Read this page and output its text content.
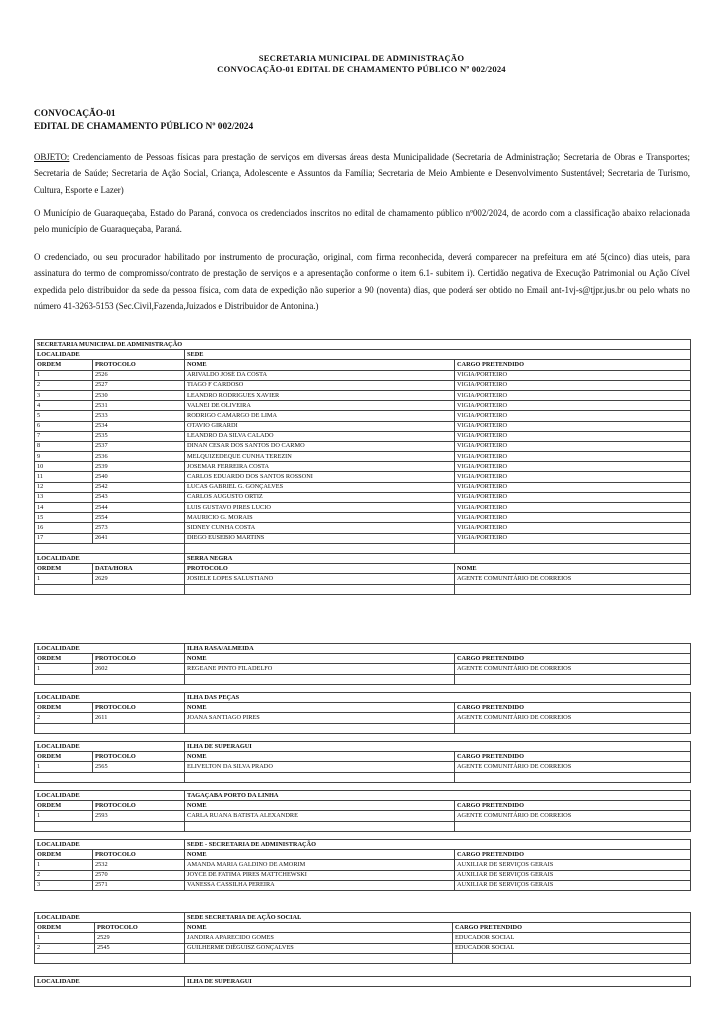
SECRETARIA MUNICIPAL DE ADMINISTRAÇÃO
CONVOCAÇÃO-01 EDITAL DE CHAMAMENTO PÚBLICO Nº 002/2024
CONVOCAÇÃO-01
EDITAL DE CHAMAMENTO PÚBLICO Nº 002/2024

OBJETO: Credenciamento de Pessoas físicas para prestação de serviços em diversas áreas desta Municipalidade (Secretaria de Administração; Secretaria de Obras e Transportes; Secretaria de Saúde; Secretaria de Ação Social, Criança, Adolescente e Assuntos da Família; Secretaria de Meio Ambiente e Desenvolvimento Sustentável; Secretaria de Turismo, Cultura, Esporte e Lazer)

O Município de Guaraqueçaba, Estado do Paraná, convoca os credenciados inscritos no edital de chamamento público nº002/2024, de acordo com a classificação abaixo relacionada pelo município de Guaraqueçaba, Paraná.

O credenciado, ou seu procurador habilitado por instrumento de procuração, original, com firma reconhecida, deverá comparecer na prefeitura em até 5(cinco) dias uteis, para assinatura do termo de compromisso/contrato de prestação de serviços e a apresentação conforme o item 6.1- subitem i). Certidão negativa de Execução Patrimonial ou Ação Cível expedida pelo distribuidor da sede da pessoa física, com data de expedição não superior a 90 (noventa) dias, que poderá ser obtido no Email ant-1vj-s@tjpr.jus.br ou pelo whats no número 41-3263-5153 (Sec.Civil,Fazenda,Juizados e Distribuidor de Antonina.)

SECRETARIA MUNICIPAL DE ADMINISTRAÇÃO			
LOCALIDADE		SEDE	
ORDEM	PROTOCOLO	NOME	CARGO PRETENDIDO
1	2526	ARIVALDO JOSÉ DA COSTA	VIGIA/PORTEIRO
2	2527	TIAGO F CARDOSO	VIGIA/PORTEIRO
3	2530	LEANDRO RODRIGUES XAVIER	VIGIA/PORTEIRO
4	2531	VALNEI DE OLIVEIRA	VIGIA/PORTEIRO
5	2533	RODRIGO CAMARGO DE LIMA	VIGIA/PORTEIRO
6	2534	OTAVIO GIRARDI	VIGIA/PORTEIRO
7	2535	LEANDRO DA SILVA CALADO	VIGIA/PORTEIRO
8	2537	DINAN CESAR DOS SANTOS DO CARMO	VIGIA/PORTEIRO
9	2536	MELQUIZEDEQUE CUNHA TEREZIN	VIGIA/PORTEIRO
10	2539	JOSEMAR FERREIRA COSTA	VIGIA/PORTEIRO
11	2540	CARLOS EDUARDO DOS SANTOS ROSSONI	VIGIA/PORTEIRO
12	2542	LUCAS GABRIEL G. GONÇALVES	VIGIA/PORTEIRO
13	2543	CARLOS AUGUSTO ORTIZ	VIGIA/PORTEIRO
14	2544	LUIS GUSTAVO PIRES LUCIO	VIGIA/PORTEIRO
15	2554	MAURICIO G. MORAIS	VIGIA/PORTEIRO
16	2573	SIDNEY CUNHA COSTA	VIGIA/PORTEIRO
17	2641	DIEGO EUSEBIO MARTINS	VIGIA/PORTEIRO

LOCALIDADE		SERRA NEGRA	
ORDEM	DATA/HORA	PROTOCOLO	NOME
1	2629	JOSIELE LOPES SALUSTIANO	AGENTE COMUNITÁRIO DE CORREIOS

LOCALIDADE		ILHA RASA/ALMEIDA	
ORDEM	PROTOCOLO	NOME	CARGO PRETENDIDO
1	2602	REGEANE PINTO FILADELFO	AGENTE COMUNITÁRIO DE CORREIOS

LOCALIDADE		ILHA DAS PEÇAS	
ORDEM	PROTOCOLO	NOME	CARGO PRETENDIDO
2	2611	JOANA SANTIAGO PIRES	AGENTE COMUNITÁRIO DE CORREIOS

LOCALIDADE		ILHA DE SUPERAGUI	
ORDEM	PROTOCOLO	NOME	CARGO PRETENDIDO
1	2565	ELIVELTON DA SILVA PRADO	AGENTE COMUNITÁRIO DE CORREIOS

LOCALIDADE		TAGAÇABA PORTO DA LINHA	
ORDEM	PROTOCOLO	NOME	CARGO PRETENDIDO
1	2593	CARLA RUANA BATISTA ALEXANDRE	AGENTE COMUNITÁRIO DE CORREIOS

LOCALIDADE		SEDE - SECRETARIA DE ADMINISTRAÇÃO	
ORDEM	PROTOCOLO	NOME	CARGO PRETENDIDO
1	2532	AMANDA MARIA GALDINO DE AMORIM	AUXILIAR DE SERVIÇOS GERAIS
2	2570	JOYCE DE FATIMA PIRES MATTCHEWSKI	AUXILIAR DE SERVIÇOS GERAIS
3	2571	VANESSA CASSILHA PEREIRA	AUXILIAR DE SERVIÇOS GERAIS
LOCALIDADE		SEDE SECRETARIA DE AÇÃO SOCIAL	
ORDEM	PROTOCOLO	NOME	CARGO PRETENDIDO
1	2529	JANDIRA APARECIDO GOMES	EDUCADOR SOCIAL
2	2545	GUILHERME DIÊGUISZ GONÇALVES	EDUCADOR SOCIAL

LOCALIDADE	ILHA DE SUPERAGUI
